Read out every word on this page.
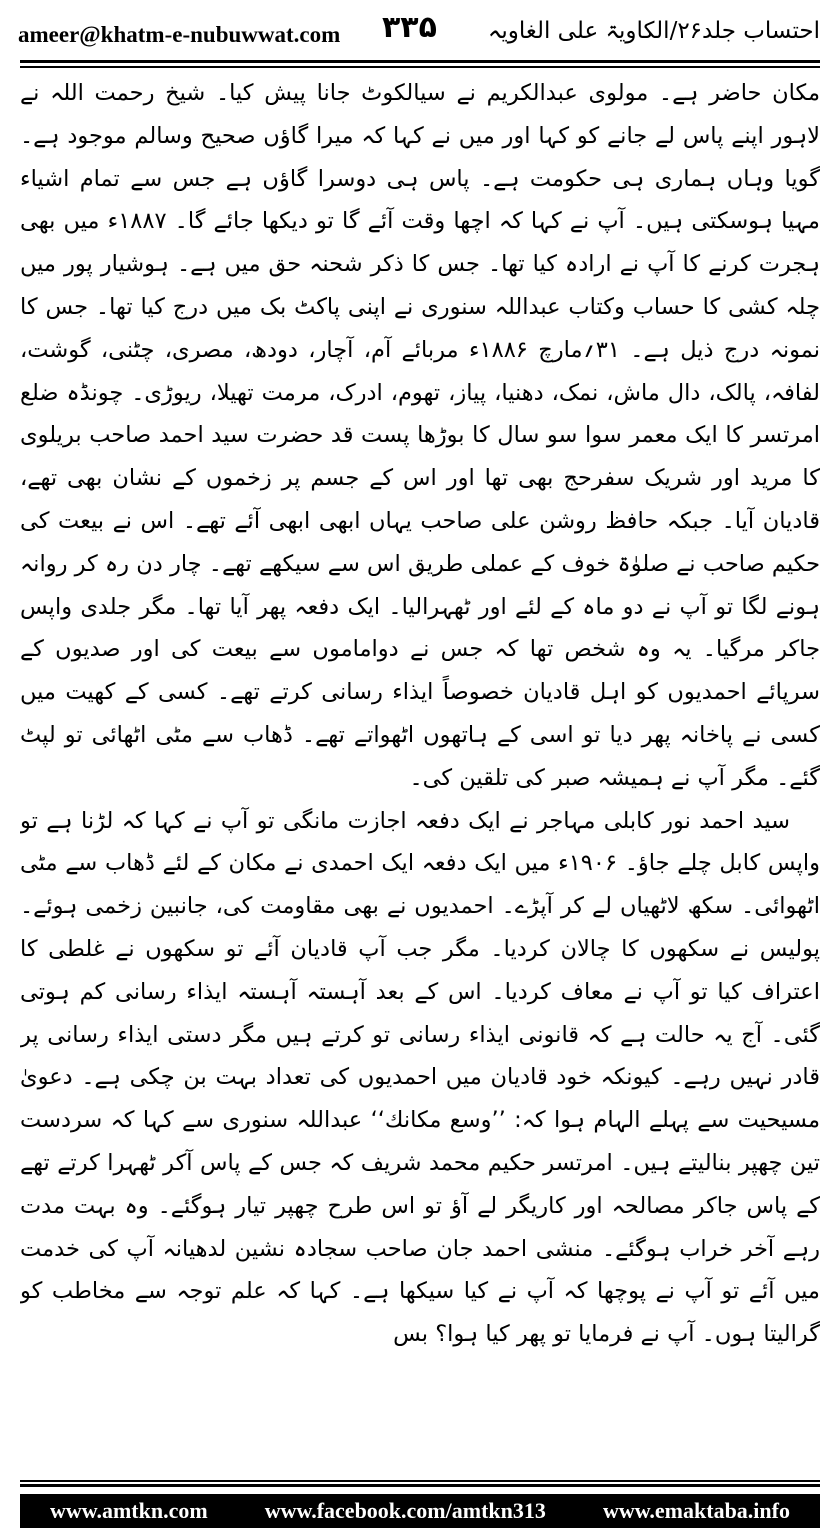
ameer@khatm-e-nubuwwat.com ۳۳۵ احتساب جلد۲۶/الکاویۃ علی الغاویہ

مکان حاضر ہے۔ مولوی عبدالکریم نے سیالکوٹ جانا پیش کیا۔ شیخ رحمت اللہ نے لاہور اپنے پاس لے جانے کو کہا اور میں نے کہا کہ میرا گاؤں صحیح وسالم موجود ہے۔ گویا وہاں ہماری ہی حکومت ہے۔ پاس ہی دوسرا گاؤں ہے جس سے تمام اشیاء مہیا ہوسکتی ہیں۔ آپ نے کہا کہ اچھا وقت آئے گا تو دیکھا جائے گا۔ ۱۸۸۷ء میں بھی ہجرت کرنے کا آپ نے ارادہ کیا تھا۔ جس کا ذکر شحنہ حق میں ہے۔ ہوشیار پور میں چلہ کشی کا حساب وکتاب عبداللہ سنوری نے اپنی پاکٹ بک میں درج کیا تھا۔ جس کا نمونہ درج ذیل ہے۔ ۳۱؍مارچ ۱۸۸۶ء مربائے آم، آچار، دودھ، مصری، چٹنی، گوشت، لفافہ، پالک، دال ماش، نمک، دھنیا، پیاز، تھوم، ادرک، مرمت تھیلا، ریوڑی۔ چونڈہ ضلع امرتسر کا ایک معمر سوا سو سال کا بوڑھا پست قد حضرت سید احمد صاحب بریلوی کا مرید اور شریک سفرحج بھی تھا اور اس کے جسم پر زخموں کے نشان بھی تھے، قادیان آیا۔ جبکہ حافظ روشن علی صاحب یہاں ابھی ابھی آئے تھے۔ اس نے بیعت کی حکیم صاحب نے صلوٰۃ خوف کے عملی طریق اس سے سیکھے تھے۔ چار دن رہ کر روانہ ہونے لگا تو آپ نے دو ماہ کے لئے اور ٹھہرالیا۔ ایک دفعہ پھر آیا تھا۔ مگر جلدی واپس جاکر مرگیا۔ یہ وہ شخص تھا کہ جس نے دواماموں سے بیعت کی اور صدیوں کے سرپائے احمدیوں کو اہل قادیان خصوصاً ایذاء رسانی کرتے تھے۔ کسی کے کھیت میں کسی نے پاخانہ پھر دیا تو اسی کے ہاتھوں اٹھواتے تھے۔ ڈھاب سے مٹی اٹھائی تو لپٹ گئے۔ مگر آپ نے ہمیشہ صبر کی تلقین کی۔

سید احمد نور کابلی مہاجر نے ایک دفعہ اجازت مانگی تو آپ نے کہا کہ لڑنا ہے تو واپس کابل چلے جاؤ۔ ۱۹۰۶ء میں ایک دفعہ ایک احمدی نے مکان کے لئے ڈھاب سے مٹی اٹھوائی۔ سکھ لاٹھیاں لے کر آپڑے۔ احمدیوں نے بھی مقاومت کی، جانبین زخمی ہوئے۔ پولیس نے سکھوں کا چالان کردیا۔ مگر جب آپ قادیان آئے تو سکھوں نے غلطی کا اعتراف کیا تو آپ نے معاف کردیا۔ اس کے بعد آہستہ آہستہ ایذاء رسانی کم ہوتی گئی۔ آج یہ حالت ہے کہ قانونی ایذاء رسانی تو کرتے ہیں مگر دستی ایذاء رسانی پر قادر نہیں رہے۔ کیونکہ خود قادیان میں احمدیوں کی تعداد بہت بن چکی ہے۔ دعویٰ مسیحیت سے پہلے الہام ہوا کہ: ’’وسع مکانك‘‘ عبداللہ سنوری سے کہا کہ سردست تین چھپر بنالیتے ہیں۔ امرتسر حکیم محمد شریف کہ جس کے پاس آکر ٹھہرا کرتے تھے کے پاس جاکر مصالحہ اور کاریگر لے آؤ تو اس طرح چھپر تیار ہوگئے۔ وہ بہت مدت رہے آخر خراب ہوگئے۔ منشی احمد جان صاحب سجادہ نشین لدھیانہ آپ کی خدمت میں آئے تو آپ نے پوچھا کہ آپ نے کیا سیکھا ہے۔ کہا کہ علم توجہ سے مخاطب کو گرالیتا ہوں۔ آپ نے فرمایا تو پھر کیا ہوا؟ بس

www.amtkn.com	www.facebook.com/amtkn313	www.emaktaba.info
